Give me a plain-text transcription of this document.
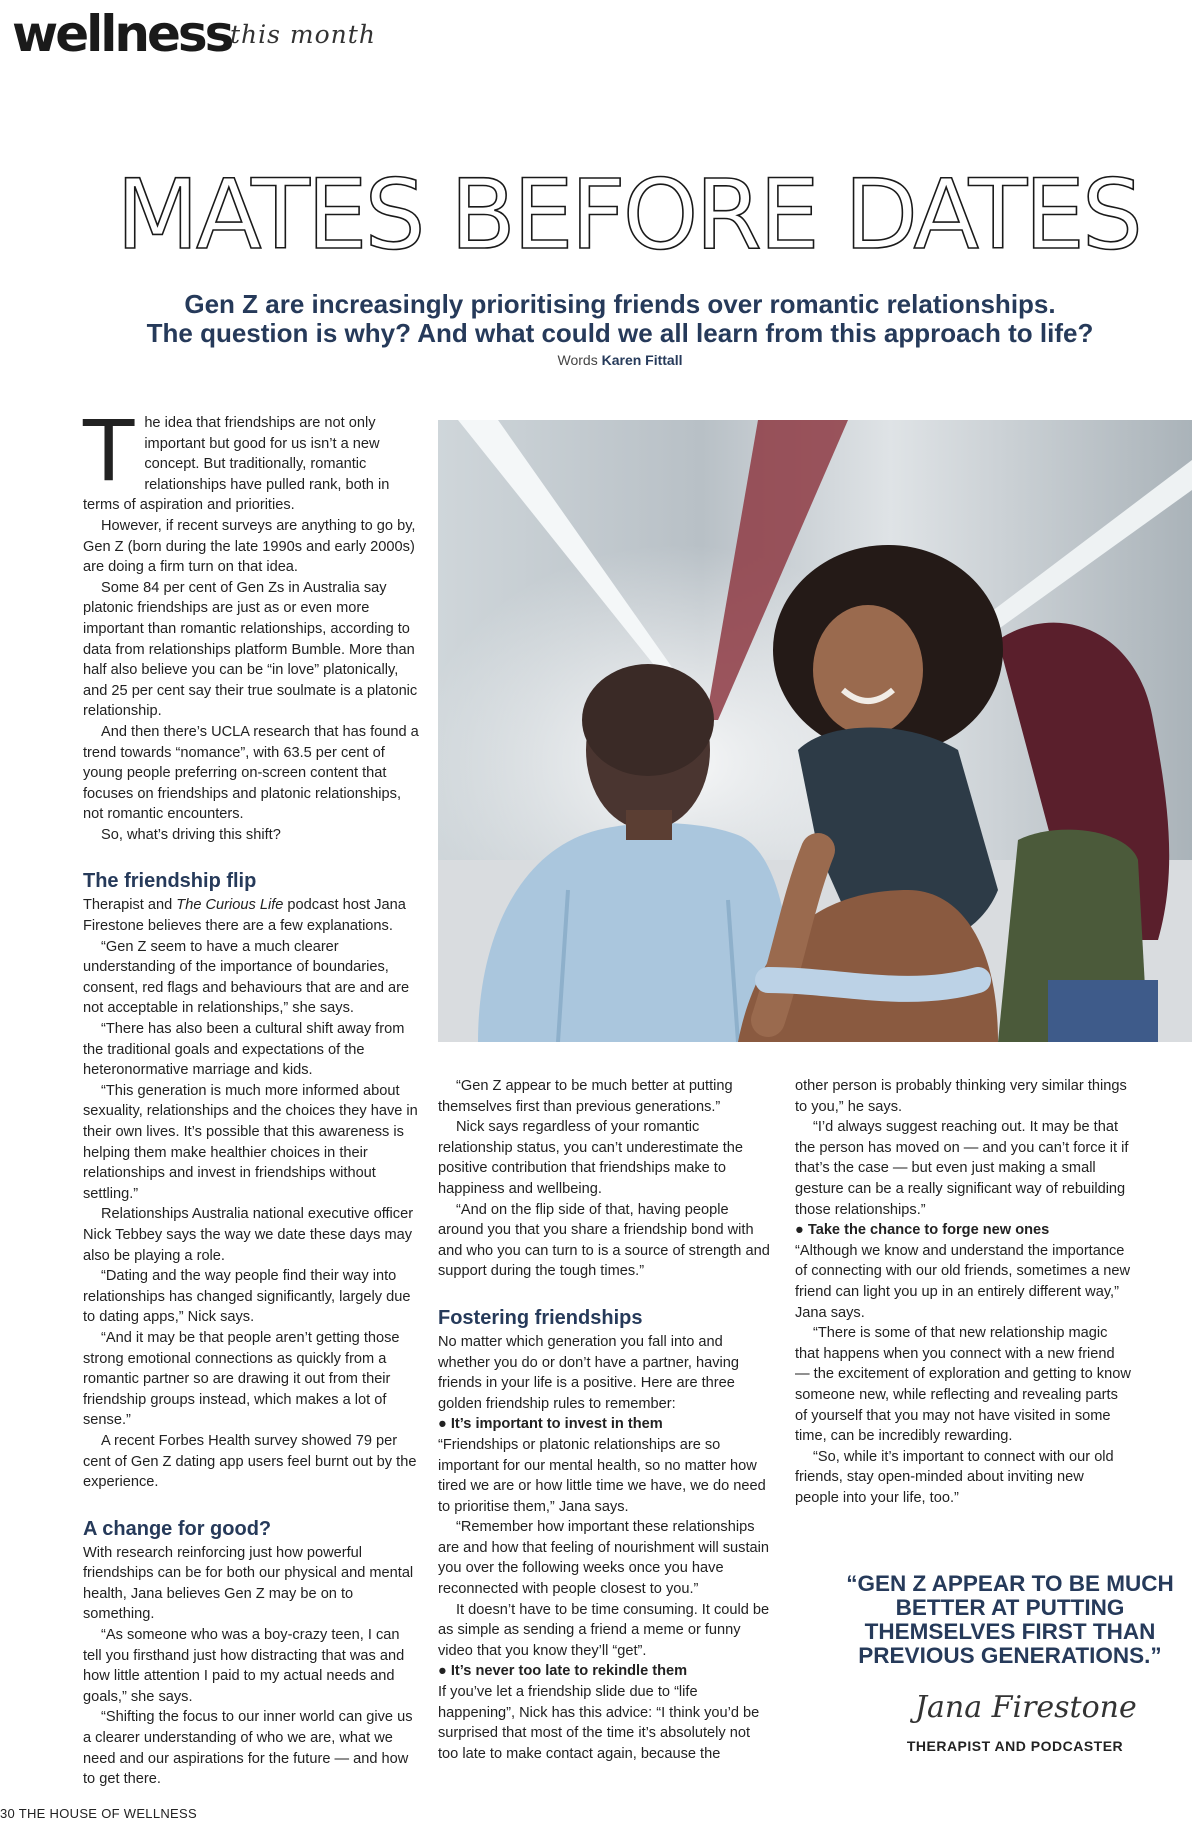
wellness
this month
MATES BEFORE DATES
Gen Z are increasingly prioritising friends over romantic relationships.
The question is why? And what could we all learn from this approach to life?
Words Karen Fittall

The idea that friendships are not only important but good for us isn’t a new concept. But traditionally, romantic relationships have pulled rank, both in terms of aspiration and priorities.

However, if recent surveys are anything to go by, Gen Z (born during the late 1990s and early 2000s) are doing a firm turn on that idea.

Some 84 per cent of Gen Zs in Australia say platonic friendships are just as or even more important than romantic relationships, according to data from relationships platform Bumble. More than half also believe you can be “in love” platonically, and 25 per cent say their true soulmate is a platonic relationship.

And then there’s UCLA research that has found a trend towards “nomance”, with 63.5 per cent of young people preferring on-screen content that focuses on friendships and platonic relationships, not romantic encounters.

So, what’s driving this shift?

The friendship flip

Therapist and The Curious Life podcast host Jana Firestone believes there are a few explanations.

“Gen Z seem to have a much clearer understanding of the importance of boundaries, consent, red flags and behaviours that are and are not acceptable in relationships,” she says.

“There has also been a cultural shift away from the traditional goals and expectations of the heteronormative marriage and kids.

“This generation is much more informed about sexuality, relationships and the choices they have in their own lives. It’s possible that this awareness is helping them make healthier choices in their relationships and invest in friendships without settling.”

Relationships Australia national executive officer Nick Tebbey says the way we date these days may also be playing a role.

“Dating and the way people find their way into relationships has changed significantly, largely due to dating apps,” Nick says.

“And it may be that people aren’t getting those strong emotional connections as quickly from a romantic partner so are drawing it out from their friendship groups instead, which makes a lot of sense.”

A recent Forbes Health survey showed 79 per cent of Gen Z dating app users feel burnt out by the experience.

A change for good?

With research reinforcing just how powerful friendships can be for both our physical and mental health, Jana believes Gen Z may be on to something.

“As someone who was a boy-crazy teen, I can tell you firsthand just how distracting that was and how little attention I paid to my actual needs and goals,” she says.

“Shifting the focus to our inner world can give us a clearer understanding of who we are, what we need and our aspirations for the future — and how to get there.

“Gen Z appear to be much better at putting themselves first than previous generations.”

Nick says regardless of your romantic relationship status, you can’t underestimate the positive contribution that friendships make to happiness and wellbeing.

“And on the flip side of that, having people around you that you share a friendship bond with and who you can turn to is a source of strength and support during the tough times.”

Fostering friendships

No matter which generation you fall into and whether you do or don’t have a partner, having friends in your life is a positive. Here are three golden friendship rules to remember:

● It’s important to invest in them

“Friendships or platonic relationships are so important for our mental health, so no matter how tired we are or how little time we have, we do need to prioritise them,” Jana says.

“Remember how important these relationships are and how that feeling of nourishment will sustain you over the following weeks once you have reconnected with people closest to you.”

It doesn’t have to be time consuming. It could be as simple as sending a friend a meme or funny video that you know they’ll “get”.

● It’s never too late to rekindle them

If you’ve let a friendship slide due to “life happening”, Nick has this advice: “I think you’d be surprised that most of the time it’s absolutely not too late to make contact again, because the

other person is probably thinking very similar things to you,” he says.

“I’d always suggest reaching out. It may be that the person has moved on — and you can’t force it if that’s the case — but even just making a small gesture can be a really significant way of rebuilding those relationships.”

● Take the chance to forge new ones

“Although we know and understand the importance of connecting with our old friends, sometimes a new friend can light you up in an entirely different way,” Jana says.

“There is some of that new relationship magic that happens when you connect with a new friend — the excitement of exploration and getting to know someone new, while reflecting and revealing parts of yourself that you may not have visited in some time, can be incredibly rewarding.

“So, while it’s important to connect with our old friends, stay open-minded about inviting new people into your life, too.”

“GEN Z APPEAR TO BE MUCH BETTER AT PUTTING THEMSELVES FIRST THAN PREVIOUS GENERATIONS.”
Jana Firestone
THERAPIST AND PODCASTER
30 THE HOUSE OF WELLNESS
